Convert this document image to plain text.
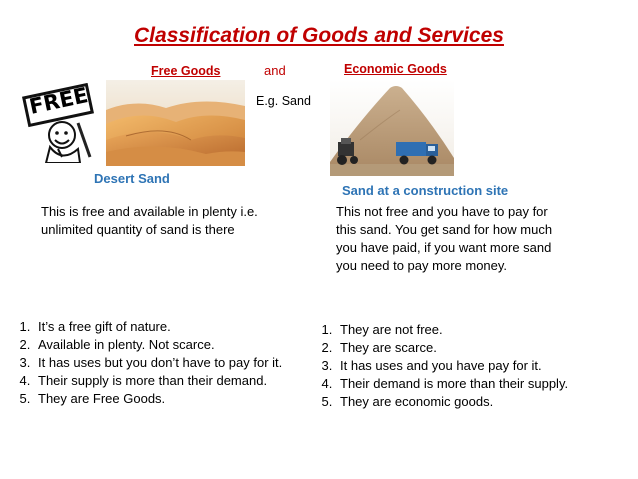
Classification of Goods and Services
Free Goods	and	Economic Goods
E.g. Sand
FREE
Desert Sand
Sand at a construction site
This is free and available in plenty i.e. unlimited quantity of sand is there
This not free and you have to pay for this sand. You get sand for how much you have paid, if you want more sand you need to pay more money.
1. It’s a free gift of nature.
2. Available in plenty. Not scarce.
3. It has uses but you don’t have to pay for it.
4. Their supply is more than their demand.
5. They are Free Goods.
1. They are not free.
2. They are scarce.
3. It has uses and you have pay for it.
4. Their demand is more than their supply.
5. They are economic goods.
